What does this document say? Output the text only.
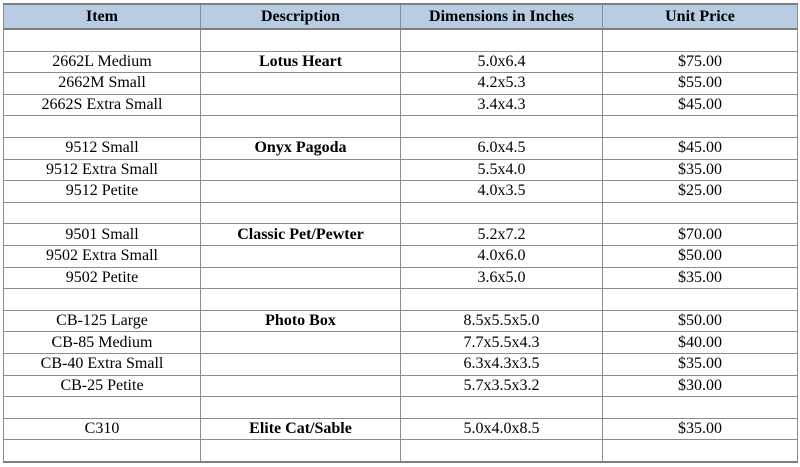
Item	Description	Dimensions in Inches	Unit Price

2662L Medium	Lotus Heart	5.0x6.4	$75.00
2662M Small		4.2x5.3	$55.00
2662S Extra Small		3.4x4.3	$45.00

9512 Small	Onyx Pagoda	6.0x4.5	$45.00
9512 Extra Small		5.5x4.0	$35.00
9512 Petite		4.0x3.5	$25.00

9501 Small	Classic Pet/Pewter	5.2x7.2	$70.00
9502 Extra Small		4.0x6.0	$50.00
9502 Petite		3.6x5.0	$35.00

CB-125 Large	Photo Box	8.5x5.5x5.0	$50.00
CB-85 Medium		7.7x5.5x4.3	$40.00
CB-40 Extra Small		6.3x4.3x3.5	$35.00
CB-25 Petite		5.7x3.5x3.2	$30.00

C310	Elite Cat/Sable	5.0x4.0x8.5	$35.00
